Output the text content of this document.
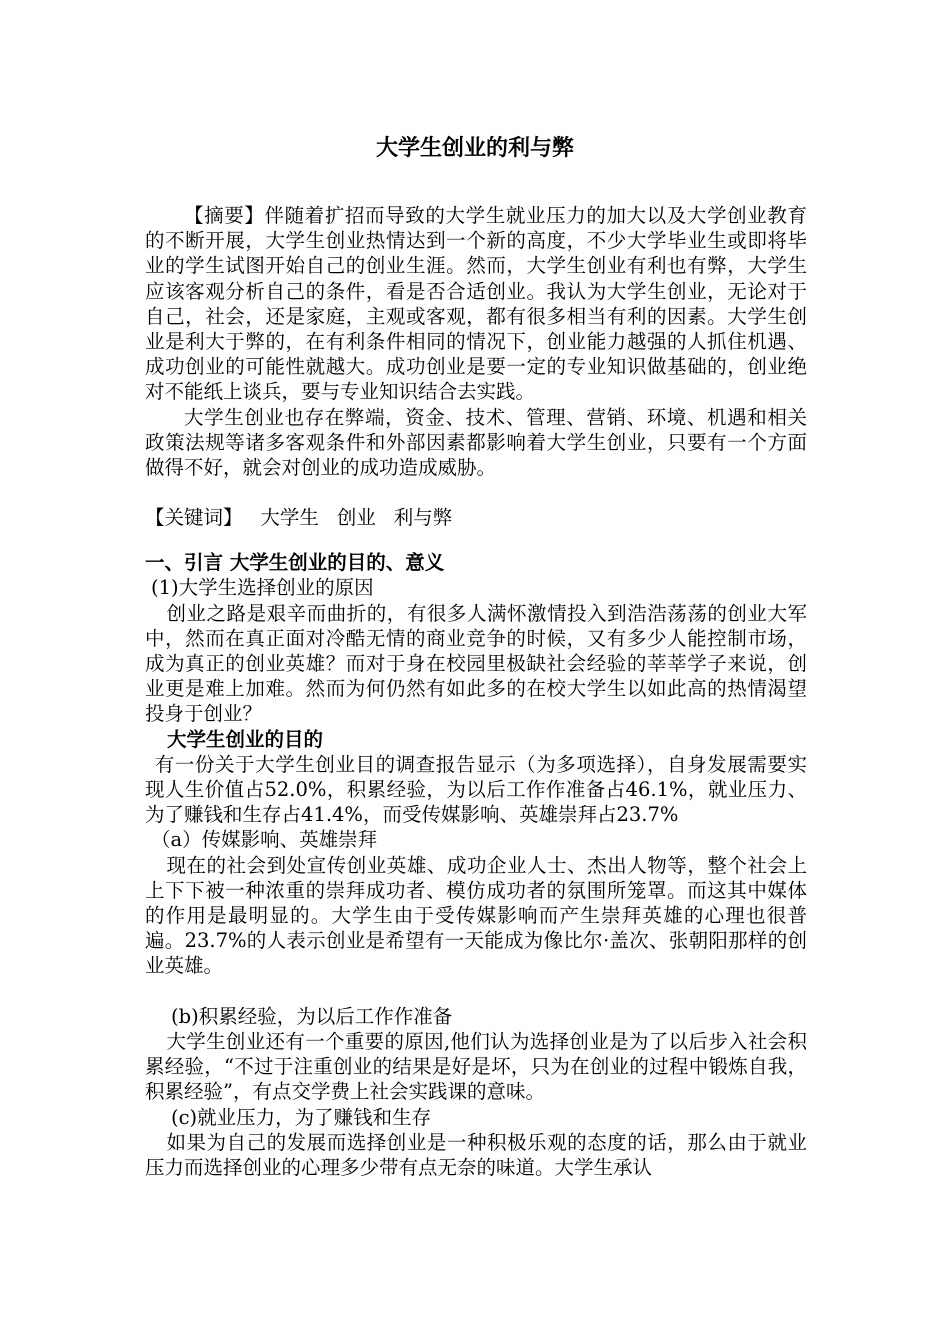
大学生创业的利与弊

【摘要】伴随着扩招而导致的大学生就业压力的加大以及大学创业教育的不断开展，大学生创业热情达到一个新的高度，不少大学毕业生或即将毕业的学生试图开始自己的创业生涯。然而，大学生创业有利也有弊，大学生应该客观分析自己的条件，看是否合适创业。我认为大学生创业，无论对于自己，社会，还是家庭，主观或客观，都有很多相当有利的因素。大学生创业是利大于弊的，在有利条件相同的情况下，创业能力越强的人抓住机遇、成功创业的可能性就越大。成功创业是要一定的专业知识做基础的，创业绝对不能纸上谈兵，要与专业知识结合去实践。

大学生创业也存在弊端，资金、技术、管理、营销、环境、机遇和相关政策法规等诸多客观条件和外部因素都影响着大学生创业，只要有一个方面做得不好，就会对创业的成功造成威胁。

【关键词】 大学生 创业 利与弊

一、引言 大学生创业的目的、意义

(1)大学生选择创业的原因

创业之路是艰辛而曲折的，有很多人满怀激情投入到浩浩荡荡的创业大军中，然而在真正面对冷酷无情的商业竞争的时候，又有多少人能控制市场，成为真正的创业英雄？而对于身在校园里极缺社会经验的莘莘学子来说，创业更是难上加难。然而为何仍然有如此多的在校大学生以如此高的热情渴望投身于创业？

大学生创业的目的

有一份关于大学生创业目的调查报告显示（为多项选择），自身发展需要实现人生价值占52.0%，积累经验，为以后工作作准备占46.1%，就业压力、为了赚钱和生存占41.4%，而受传媒影响、英雄崇拜占23.7%

（a）传媒影响、英雄崇拜

现在的社会到处宣传创业英雄、成功企业人士、杰出人物等，整个社会上上下下被一种浓重的崇拜成功者、模仿成功者的氛围所笼罩。而这其中媒体的作用是最明显的。大学生由于受传媒影响而产生崇拜英雄的心理也很普遍。23.7%的人表示创业是希望有一天能成为像比尔·盖次、张朝阳那样的创业英雄。

(b)积累经验，为以后工作作准备

大学生创业还有一个重要的原因,他们认为选择创业是为了以后步入社会积累经验，“不过于注重创业的结果是好是坏，只为在创业的过程中锻炼自我，积累经验”，有点交学费上社会实践课的意味。

(c)就业压力，为了赚钱和生存

如果为自己的发展而选择创业是一种积极乐观的态度的话，那么由于就业压力而选择创业的心理多少带有点无奈的味道。大学生承认
